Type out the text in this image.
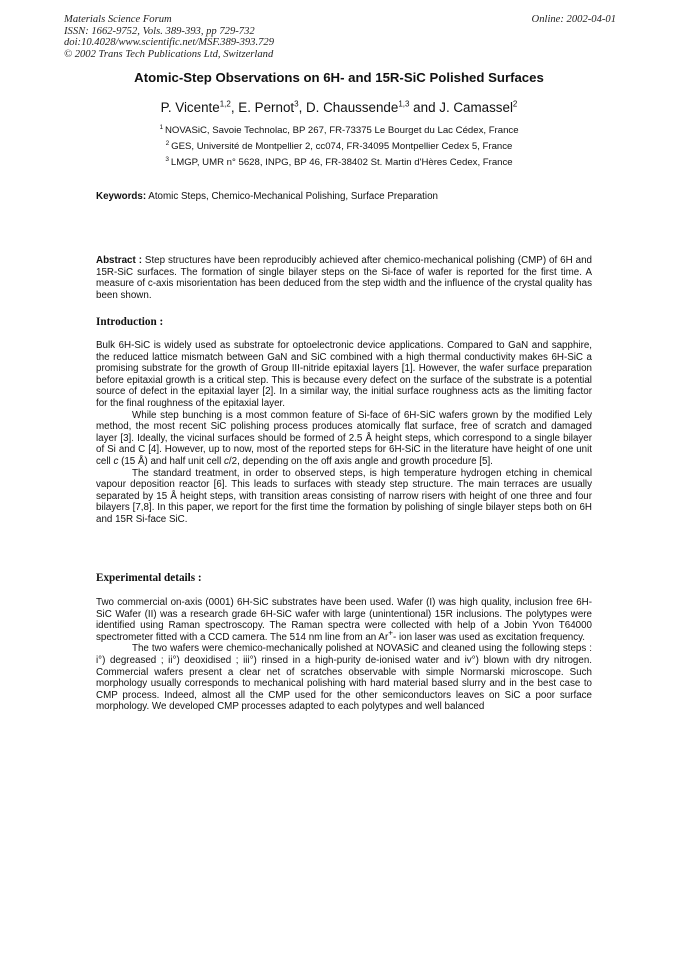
Materials Science Forum
ISSN: 1662-9752, Vols. 389-393, pp 729-732
doi:10.4028/www.scientific.net/MSF.389-393.729
© 2002 Trans Tech Publications Ltd, Switzerland
Online: 2002-04-01
Atomic-Step Observations on 6H- and 15R-SiC Polished Surfaces
P. Vicente$^{1,2}$, E. Pernot$^3$, D. Chaussende$^{1,3}$ and J. Camassel$^2$
$^1$  NOVASiC, Savoie Technolac, BP 267, FR-73375 Le Bourget du Lac Cédex, France
$^2$  GES, Université de Montpellier 2, cc074, FR-34095 Montpellier Cedex 5, France
$^3$  LMGP, UMR n° 5628, INPG, BP 46, FR-38402 St. Martin d'Hères Cedex, France
Keywords: Atomic Steps, Chemico-Mechanical Polishing, Surface Preparation

Abstract : Step structures have been reproducibly achieved after chemico-mechanical polishing (CMP) of 6H and 15R-SiC surfaces. The formation of single bilayer steps on the Si-face of wafer is reported for the first time. A measure of c-axis misorientation has been deduced from the step width and the influence of the crystal quality has been shown.

Introduction :

Bulk 6H-SiC is widely used as substrate for optoelectronic device applications. Compared to GaN and sapphire, the reduced lattice mismatch between GaN and SiC combined with a high thermal conductivity makes 6H-SiC a promising substrate for the growth of Group III-nitride epitaxial layers [1]. However, the wafer surface preparation before epitaxial growth is a critical step. This is because every defect on the surface of the substrate is a potential source of defect in the epitaxial layer [2]. In a similar way, the initial surface roughness acts as the limiting factor for the final roughness of the epitaxial layer.

While step bunching is a most common feature of Si-face of 6H-SiC wafers grown by the modified Lely method, the most recent SiC polishing process produces atomically flat surface, free of scratch and damaged layer [3]. Ideally, the vicinal surfaces should be formed of 2.5 Å height steps, which correspond to a single bilayer of Si and C [4]. However, up to now, most of the reported steps for 6H-SiC in the literature have height of one unit cell c (15 Å) and half unit cell c/2, depending on the off axis angle and growth procedure [5].

The standard treatment, in order to observed steps, is high temperature hydrogen etching in chemical vapour deposition reactor [6]. This leads to surfaces with steady step structure. The main terraces are usually separated by 15 Å height steps, with transition areas consisting of narrow risers with height of one three and four bilayers [7,8]. In this paper, we report for the first time the formation by polishing of single bilayer steps both on 6H and 15R Si-face SiC.

Experimental details :

Two commercial on-axis (0001) 6H-SiC substrates have been used. Wafer (I) was high quality, inclusion free 6H-SiC Wafer (II) was a research grade 6H-SiC wafer with large (unintentional) 15R inclusions. The polytypes were identified using Raman spectroscopy. The Raman spectra were collected with help of a Jobin Yvon T64000 spectrometer fitted with a CCD camera. The 514 nm line from an Ar+- ion laser was used as excitation frequency.

The two wafers were chemico-mechanically polished at NOVASiC and cleaned using the following steps : i°) degreased ; ii°) deoxidised ; iii°) rinsed in a high-purity de-ionised water and iv°) blown with dry nitrogen. Commercial wafers present a clear net of scratches observable with simple Normarski microscope. Such morphology usually corresponds to mechanical polishing with hard material based slurry and in the best case to CMP process. Indeed, almost all the CMP used for the other semiconductors leaves on SiC a poor surface morphology. We developed CMP processes adapted to each polytypes and well balanced
